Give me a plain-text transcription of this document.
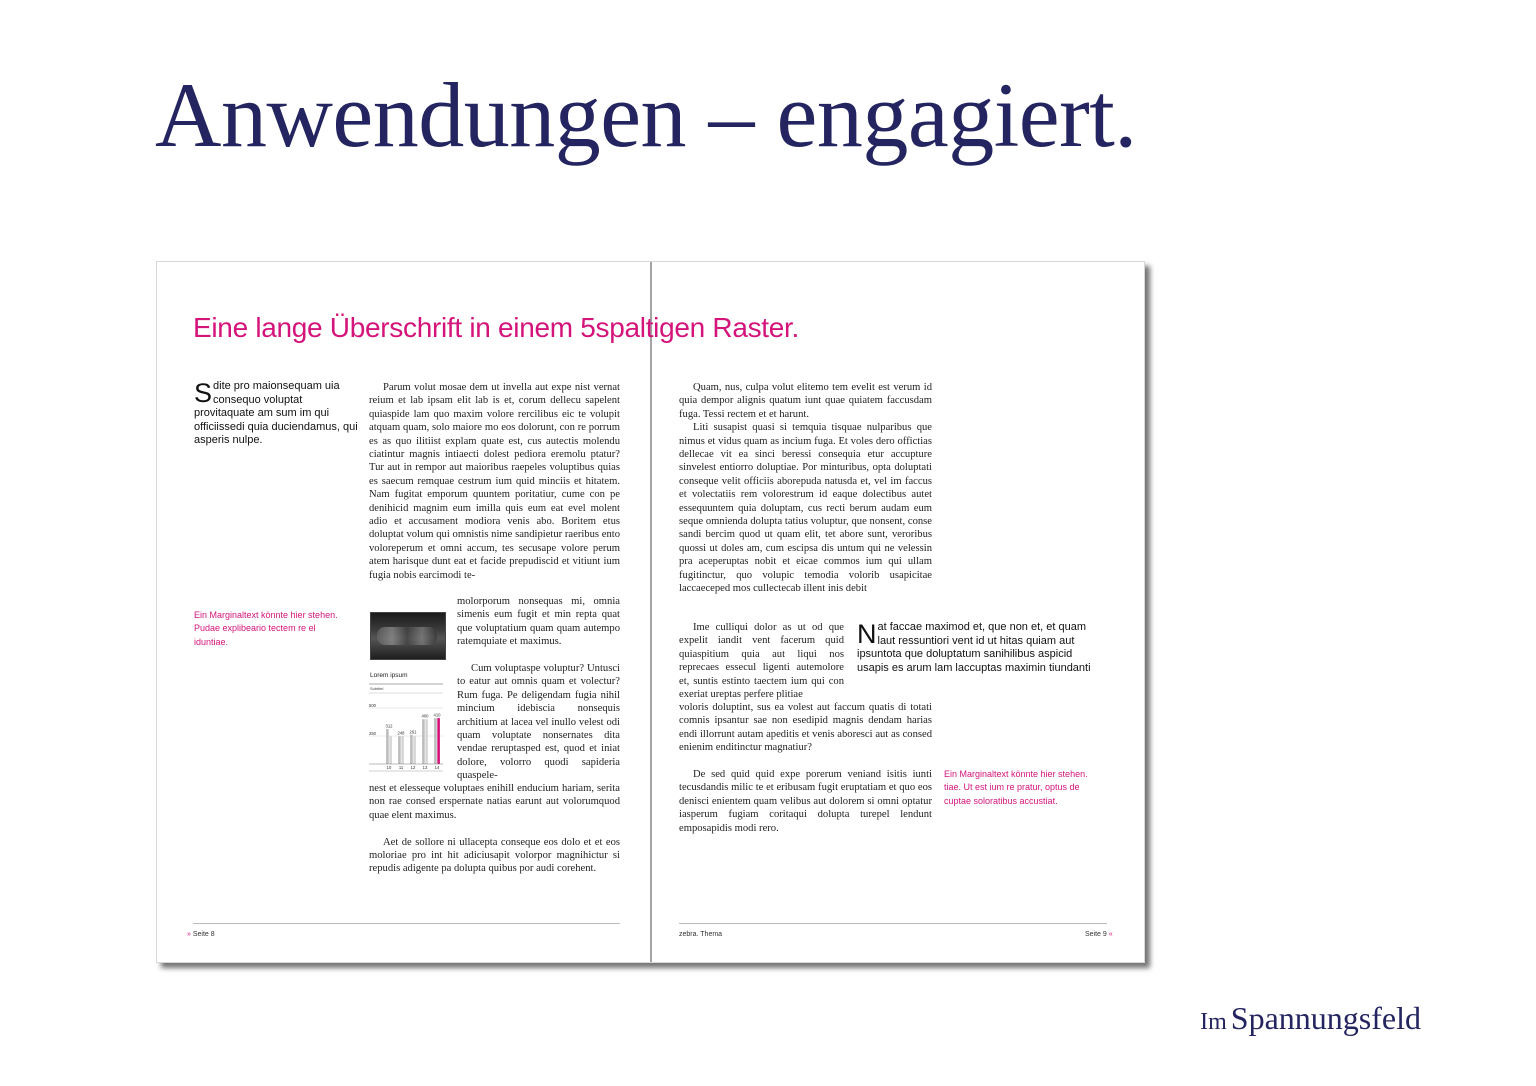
Anwendungen – engagiert.
Eine lange Überschrift in einem 5spaltigen Raster.

Sdite pro maionsequam uia consequo voluptat provitaquate am sum im qui officiissedi quia duciendamus, qui asperis nulpe.

Ein Marginaltext könnte hier stehen. Pudae explibeario tectem re el iduntiae.

Parum volut mosae dem ut invella aut expe nist vernat reium et lab ipsam elit lab is et, corum dellecu sapelent quiaspide lam quo maxim volore rercilibus eic te volupit atquam quam, solo maiore mo eos dolorunt, con re porrum es as quo ilitiist explam quate est, cus autectis molendu ciatintur magnis intiaecti dolest pediora eremolu ptatur? Tur aut in rempor aut maioribus raepeles voluptibus quias es saecum remquae cestrum ium quid minciis et hitatem. Nam fugitat emporum quuntem poritatiur, cume con pe denihicid magnim eum imilla quis eum eat evel molent adio et accusament modiora venis abo. Boritem etus doluptat volum qui omnistis nime sandipietur raeribus ento voloreperum et omni accum, tes secusape volore perum atem harisque dunt eat et facide prepudiscid et vitiunt ium fugia nobis earcimodi te-

molorporum nonsequas mi, omnia simenis eum fugit et min repta quat que voluptatium quam quam autempo ratemquiate et maximus.

Cum voluptaspe voluptur? Untusci to eatur aut omnis quam et volectur? Rum fuga. Pe deligendam fugia nihil mincium idebiscia nonsequis architium at lacea vel inullo velest odi quam voluptate nonsernates dita vendae reruptasped est, quod et iniat dolore, volorro quodi sapideria quaspele-

nest et elesseque voluptaes enihill enducium hariam, serita non rae consed erspernate natias earunt aut volorumquod quae elent maximus.

Aet de sollore ni ullacepta conseque eos dolo et et eos moloriae pro int hit adiciusapit volorpor magnihictur si repudis adigente pa dolupta quibus por audi corehent.

Lorem ipsum
Subtitel
500
250
312
10
248
11
261
12
400
13
410
14

Quam, nus, culpa volut elitemo tem evelit est verum id quia dempor alignis quatum iunt quae quiatem faccusdam fuga. Tessi rectem et et harunt.

Liti susapist quasi si temquia tisquae nulparibus que nimus et vidus quam as incium fuga. Et voles dero offictias dellecae vit ea sinci beressi consequia etur accupture sinvelest entiorro doluptiae. Por minturibus, opta doluptati conseque velit officiis aborepuda natusda et, vel im faccus et volectatiis rem volorestrum id eaque dolectibus autet essequuntem quia doluptam, cus recti berum audam eum seque omnienda dolupta tatius voluptur, que nonsent, conse sandi bercim quod ut quam elit, tet abore sunt, veroribus quossi ut doles am, cum escipsa dis untum qui ne velessin pra aceperuptas nobit et eicae commos ium qui ullam fugitinctur, quo volupic temodia volorib usapicitae laccaeceped mos cullectecab illent inis debit

Ime culliqui dolor as ut od que expelit iandit vent facerum quid quiaspitium quia aut liqui nos reprecaes essecul ligenti autemolore et, suntis estinto taectem ium qui con exeriat ureptas perfere plitiae

voloris doluptint, sus ea volest aut faccum quatis di totati comnis ipsantur sae non esedipid magnis dendam harias endi illorrunt autam apeditis et venis aboresci aut as consed enienim enditinctur magnatiur?

De sed quid quid expe porerum veniand isitis iunti tecusdandis milic te et eribusam fugit eruptatiam et quo eos denisci enientem quam velibus aut dolorem si omni optatur iasperum fugiam coritaqui dolupta turepel lendunt emposapidis modi rero.

Nat faccae maximod et, que non et, et quam laut ressuntiori vent id ut hitas quiam aut ipsuntota que doluptatum sanihilibus aspicid usapis es arum lam laccuptas maximin tiundanti

Ein Marginaltext könnte hier stehen. tiae. Ut est ium re pratur, optus de cuptae soloratibus accustiat.

» Seite 8	zebra. Thema	Seite 9 «
Im Spannungsfeld
